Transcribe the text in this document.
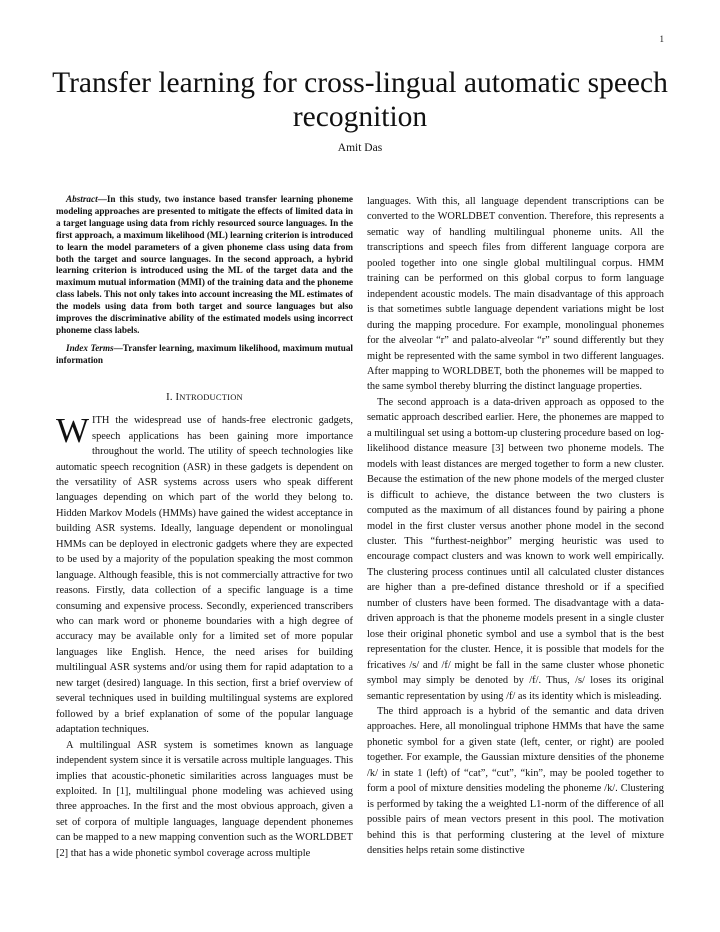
1
Transfer learning for cross-lingual automatic speech recognition
Amit Das

Abstract—In this study, two instance based transfer learning phoneme modeling approaches are presented to mitigate the effects of limited data in a target language using data from richly resourced source languages. In the first approach, a maximum likelihood (ML) learning criterion is introduced to learn the model parameters of a given phoneme class using data from both the target and source languages. In the second approach, a hybrid learning criterion is introduced using the ML of the target data and the maximum mutual information (MMI) of the training data and the phoneme class labels. This not only takes into account increasing the ML estimates of the models using data from both target and source languages but also improves the discriminative ability of the estimated models using incorrect phoneme class labels.

Index Terms—Transfer learning, maximum likelihood, maximum mutual information

I. INTRODUCTION

WITH the widespread use of hands-free electronic gadgets, speech applications has been gaining more importance throughout the world. The utility of speech technologies like automatic speech recognition (ASR) in these gadgets is dependent on the versatility of ASR systems across users who speak different languages depending on which part of the world they belong to. Hidden Markov Models (HMMs) have gained the widest acceptance in building ASR systems. Ideally, language dependent or monolingual HMMs can be deployed in electronic gadgets where they are expected to be used by a majority of the population speaking the most common language. Although feasible, this is not commercially attractive for two reasons. Firstly, data collection of a specific language is a time consuming and expensive process. Secondly, experienced transcribers who can mark word or phoneme boundaries with a high degree of accuracy may be available only for a limited set of more popular languages like English. Hence, the need arises for building multilingual ASR systems and/or using them for rapid adaptation to a new target (desired) language. In this section, first a brief overview of several techniques used in building multilingual systems are explored followed by a brief explanation of some of the popular language adaptation techniques.

A multilingual ASR system is sometimes known as language independent system since it is versatile across multiple languages. This implies that acoustic-phonetic similarities across languages must be exploited. In [1], multilingual phone modeling was achieved using three approaches. In the first and the most obvious approach, given a set of corpora of multiple languages, language dependent phonemes can be mapped to a new mapping convention such as the WORLDBET [2] that has a wide phonetic symbol coverage across multiple

languages. With this, all language dependent transcriptions can be converted to the WORLDBET convention. Therefore, this represents a sematic way of handling multilingual phoneme units. All the transcriptions and speech files from different language corpora are pooled together into one single global multilingual corpus. HMM training can be performed on this global corpus to form language independent acoustic models. The main disadvantage of this approach is that sometimes subtle language dependent variations might be lost during the mapping procedure. For example, monolingual phonemes for the alveolar “r” and palato-alveolar “r” sound differently but they might be represented with the same symbol in two different languages. After mapping to WORLDBET, both the phonemes will be mapped to the same symbol thereby blurring the distinct language properties.

The second approach is a data-driven approach as opposed to the sematic approach described earlier. Here, the phonemes are mapped to a multilingual set using a bottom-up clustering procedure based on log-likelihood distance measure [3] between two phoneme models. The models with least distances are merged together to form a new cluster. Because the estimation of the new phone models of the merged cluster is difficult to achieve, the distance between the two clusters is computed as the maximum of all distances found by pairing a phone model in the first cluster versus another phone model in the second cluster. This “furthest-neighbor” merging heuristic was used to encourage compact clusters and was known to work well empirically. The clustering process continues until all calculated cluster distances are higher than a pre-defined distance threshold or if a specified number of clusters have been formed. The disadvantage with a data-driven approach is that the phoneme models present in a single cluster lose their original phonetic symbol and use a symbol that is the best representation for the cluster. Hence, it is possible that models for the fricatives /s/ and /f/ might be fall in the same cluster whose phonetic symbol may simply be denoted by /f/. Thus, /s/ loses its original semantic representation by using /f/ as its identity which is misleading.

The third approach is a hybrid of the semantic and data driven approaches. Here, all monolingual triphone HMMs that have the same phonetic symbol for a given state (left, center, or right) are pooled together. For example, the Gaussian mixture densities of the phoneme /k/ in state 1 (left) of “cat”, “cut”, “kin”, may be pooled together to form a pool of mixture densities modeling the phoneme /k/. Clustering is performed by taking the a weighted L1-norm of the difference of all possible pairs of mean vectors present in this pool. The motivation behind this is that performing clustering at the level of mixture densities helps retain some distinctive
